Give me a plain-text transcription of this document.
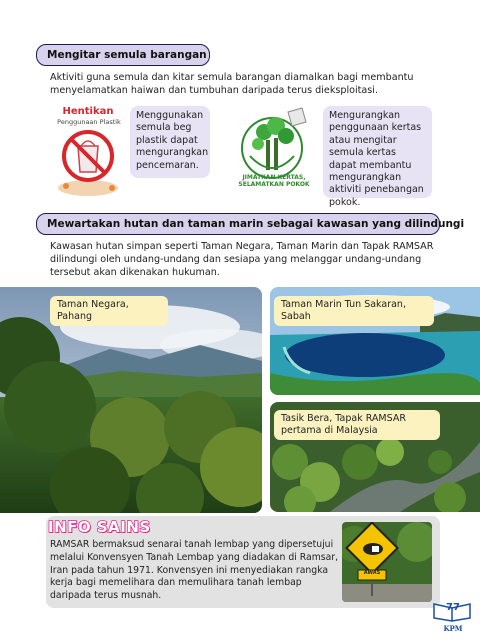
Mengitar semula barangan
Aktiviti guna semula dan kitar semula barangan diamalkan bagi membantu menyelamatkan haiwan dan tumbuhan daripada terus dieksploitasi.
Hentikan
Penggunaan Plastik
Menggunakan semula beg plastik dapat mengurangkan pencemaran.
JIMATKAN KERTAS, SELAMATKAN POKOK
Mengurangkan penggunaan kertas atau mengitar semula kertas dapat membantu mengurangkan aktiviti penebangan pokok.
Mewartakan hutan dan taman marin sebagai kawasan yang dilindungi
Kawasan hutan simpan seperti Taman Negara, Taman Marin dan Tapak RAMSAR dilindungi oleh undang-undang dan sesiapa yang melanggar undang-undang tersebut akan dikenakan hukuman.
Taman Negara, Pahang
Taman Marin Tun Sakaran, Sabah
Tasik Bera, Tapak RAMSAR pertama di Malaysia
INFO SAINS
RAMSAR bermaksud senarai tanah lembap yang dipersetujui melalui Konvensyen Tanah Lembap yang diadakan di Ramsar, Iran pada tahun 1971. Konvensyen ini menyediakan rangka kerja bagi memelihara dan memulihara tanah lembap daripada terus musnah.
AWAS
77
KPM
